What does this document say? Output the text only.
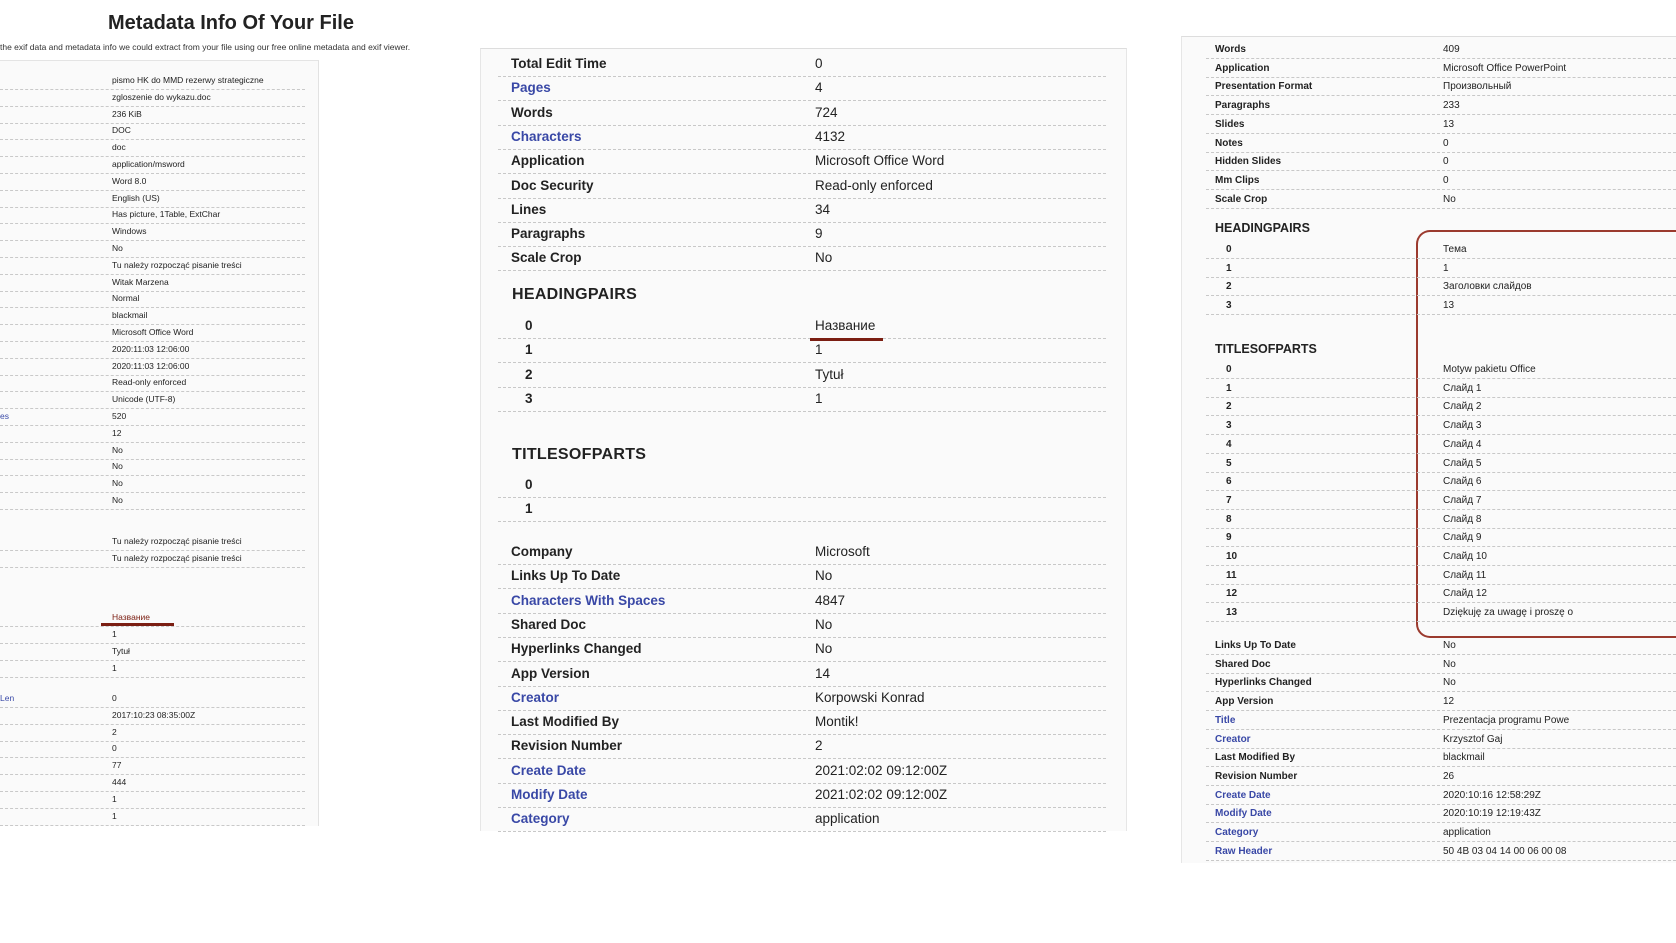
Metadata Info Of Your File
the exif data and metadata info we could extract from your file using our free online metadata and exif viewer.
pismo HK do MMD rezerwy strategiczne
zgloszenie do wykazu.doc
236 KiB
DOC
doc
application/msword
Word 8.0
English (US)
Has picture, 1Table, ExtChar
Windows
No
Tu należy rozpocząć pisanie treści
Witak Marzena
Normal
blackmail
Microsoft Office Word
2020:11:03 12:06:00
2020:11:03 12:06:00
Read-only enforced
Unicode (UTF-8)
es	520
12
No
No
No
No
Tu należy rozpocząć pisanie treści
Tu należy rozpocząć pisanie treści
Название
1
Tytuł
1
Len	0
2017:10:23 08:35:00Z
2
0
77
444
1
1
Total Edit Time	0
Pages	4
Words	724
Characters	4132
Application	Microsoft Office Word
Doc Security	Read-only enforced
Lines	34
Paragraphs	9
Scale Crop	No
HEADINGPAIRS
0	Название
1	1
2	Tytuł
3	1
TITLESOFPARTS
0
1
Company	Microsoft
Links Up To Date	No
Characters With Spaces	4847
Shared Doc	No
Hyperlinks Changed	No
App Version	14
Creator	Korpowski Konrad
Last Modified By	Montik!
Revision Number	2
Create Date	2021:02:02 09:12:00Z
Modify Date	2021:02:02 09:12:00Z
Category	application
Words	409
Application	Microsoft Office PowerPoint
Presentation Format	Произвольный
Paragraphs	233
Slides	13
Notes	0
Hidden Slides	0
Mm Clips	0
Scale Crop	No
HEADINGPAIRS
0	Тема
1	1
2	Заголовки слайдов
3	13
TITLESOFPARTS
0	Motyw pakietu Office
1	Слайд 1
2	Слайд 2
3	Слайд 3
4	Слайд 4
5	Слайд 5
6	Слайд 6
7	Слайд 7
8	Слайд 8
9	Слайд 9
10	Слайд 10
11	Слайд 11
12	Слайд 12
13	Dziękuję za uwagę i proszę o
Links Up To Date	No
Shared Doc	No
Hyperlinks Changed	No
App Version	12
Title	Prezentacja programu Powe
Creator	Krzysztof Gaj
Last Modified By	blackmail
Revision Number	26
Create Date	2020:10:16 12:58:29Z
Modify Date	2020:10:19 12:19:43Z
Category	application
Raw Header	50 4B 03 04 14 00 06 00 08
